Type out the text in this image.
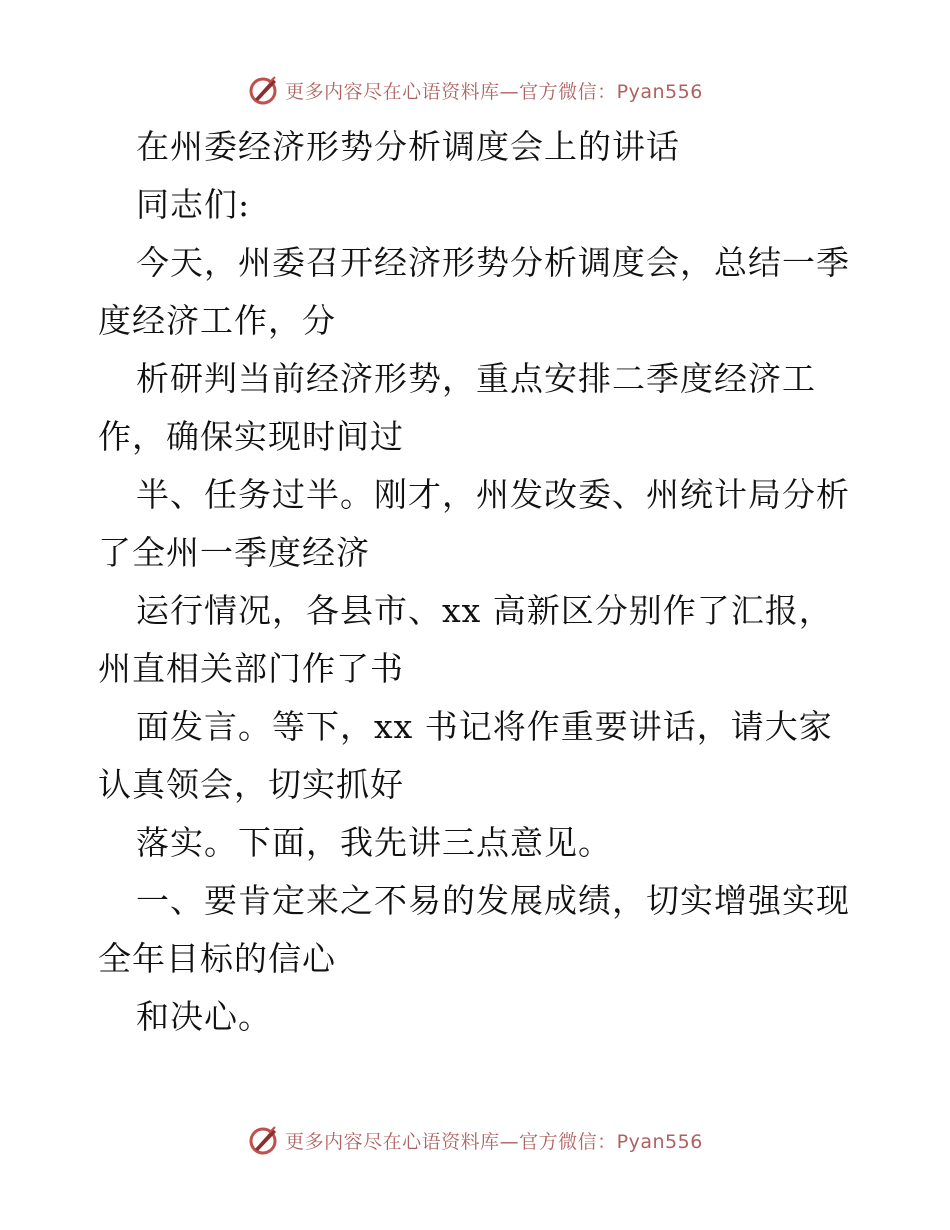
更多内容尽在心语资料库—官方微信：Pyan556
在州委经济形势分析调度会上的讲话
同志们:
今天，州委召开经济形势分析调度会，总结一季
度经济工作，分
析研判当前经济形势，重点安排二季度经济工
作，确保实现时间过
半、任务过半。刚才，州发改委、州统计局分析
了全州一季度经济
运行情况，各县市、xx 高新区分别作了汇报，
州直相关部门作了书
面发言。等下，xx 书记将作重要讲话，请大家
认真领会，切实抓好
落实。下面，我先讲三点意见。
一、要肯定来之不易的发展成绩，切实增强实现
全年目标的信心
和决心。
更多内容尽在心语资料库—官方微信：Pyan556
